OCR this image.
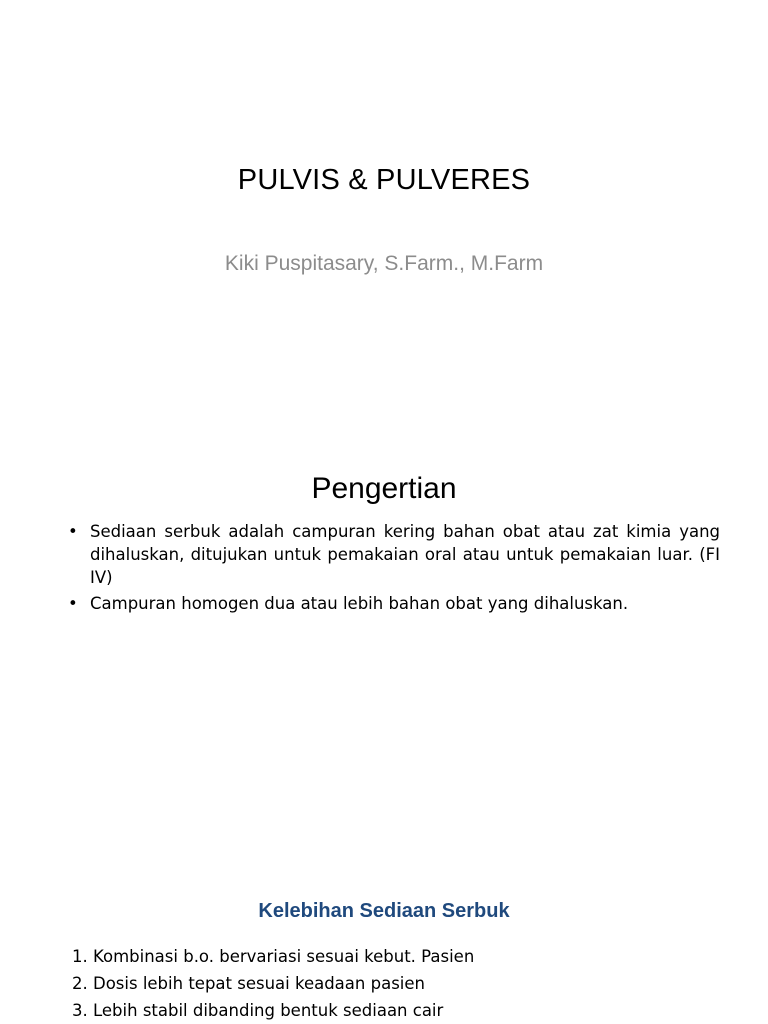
PULVIS & PULVERES
Kiki Puspitasary, S.Farm., M.Farm
Pengertian
• Sediaan serbuk adalah campuran kering bahan obat atau zat kimia yang dihaluskan, ditujukan untuk pemakaian oral atau untuk pemakaian luar. (FI IV)
• Campuran homogen dua atau lebih bahan obat yang dihaluskan.
Kelebihan Sediaan Serbuk
1. Kombinasi b.o. bervariasi sesuai kebut. Pasien
2. Dosis lebih tepat sesuai keadaan pasien
3. Lebih stabil dibanding bentuk sediaan cair
